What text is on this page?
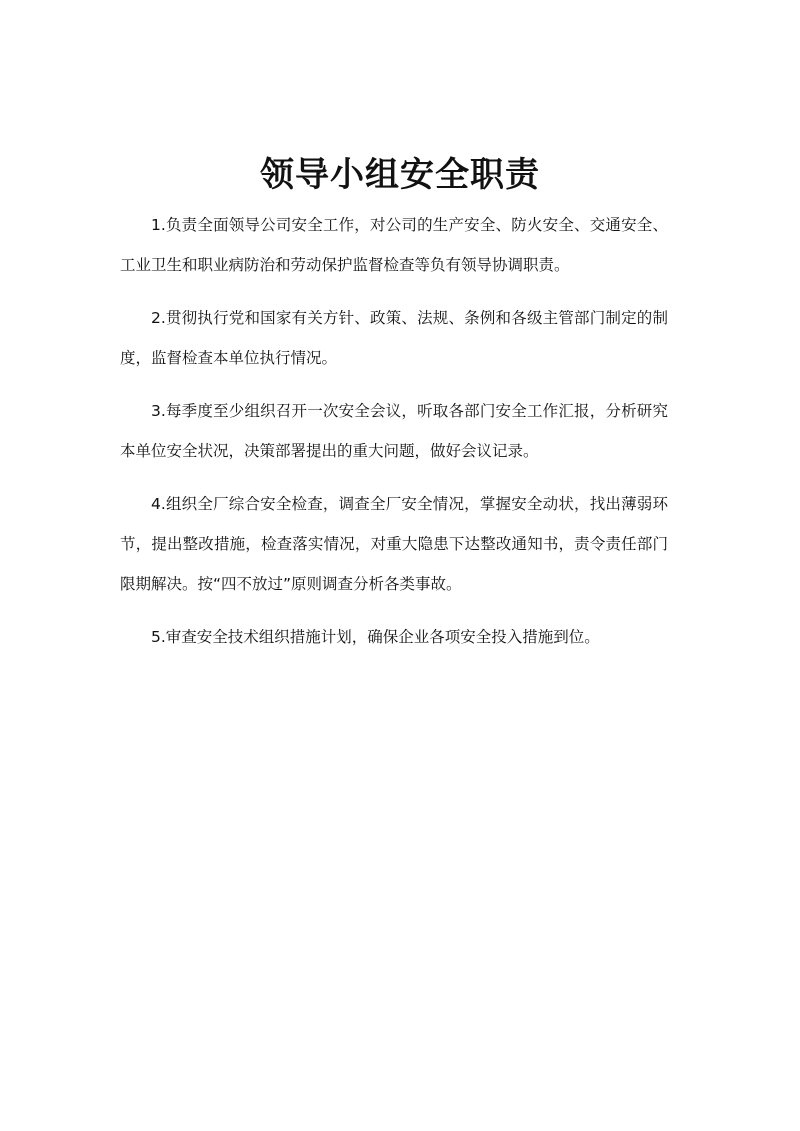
领导小组安全职责

1.负责全面领导公司安全工作，对公司的生产安全、防火安全、交通安全、工业卫生和职业病防治和劳动保护监督检查等负有领导协调职责。

2.贯彻执行党和国家有关方针、政策、法规、条例和各级主管部门制定的制度，监督检查本单位执行情况。

3.每季度至少组织召开一次安全会议，听取各部门安全工作汇报，分析研究本单位安全状况，决策部署提出的重大问题，做好会议记录。

4.组织全厂综合安全检查，调查全厂安全情况，掌握安全动状，找出薄弱环节，提出整改措施，检查落实情况，对重大隐患下达整改通知书，责令责任部门限期解决。按“四不放过”原则调查分析各类事故。

5.审查安全技术组织措施计划，确保企业各项安全投入措施到位。
